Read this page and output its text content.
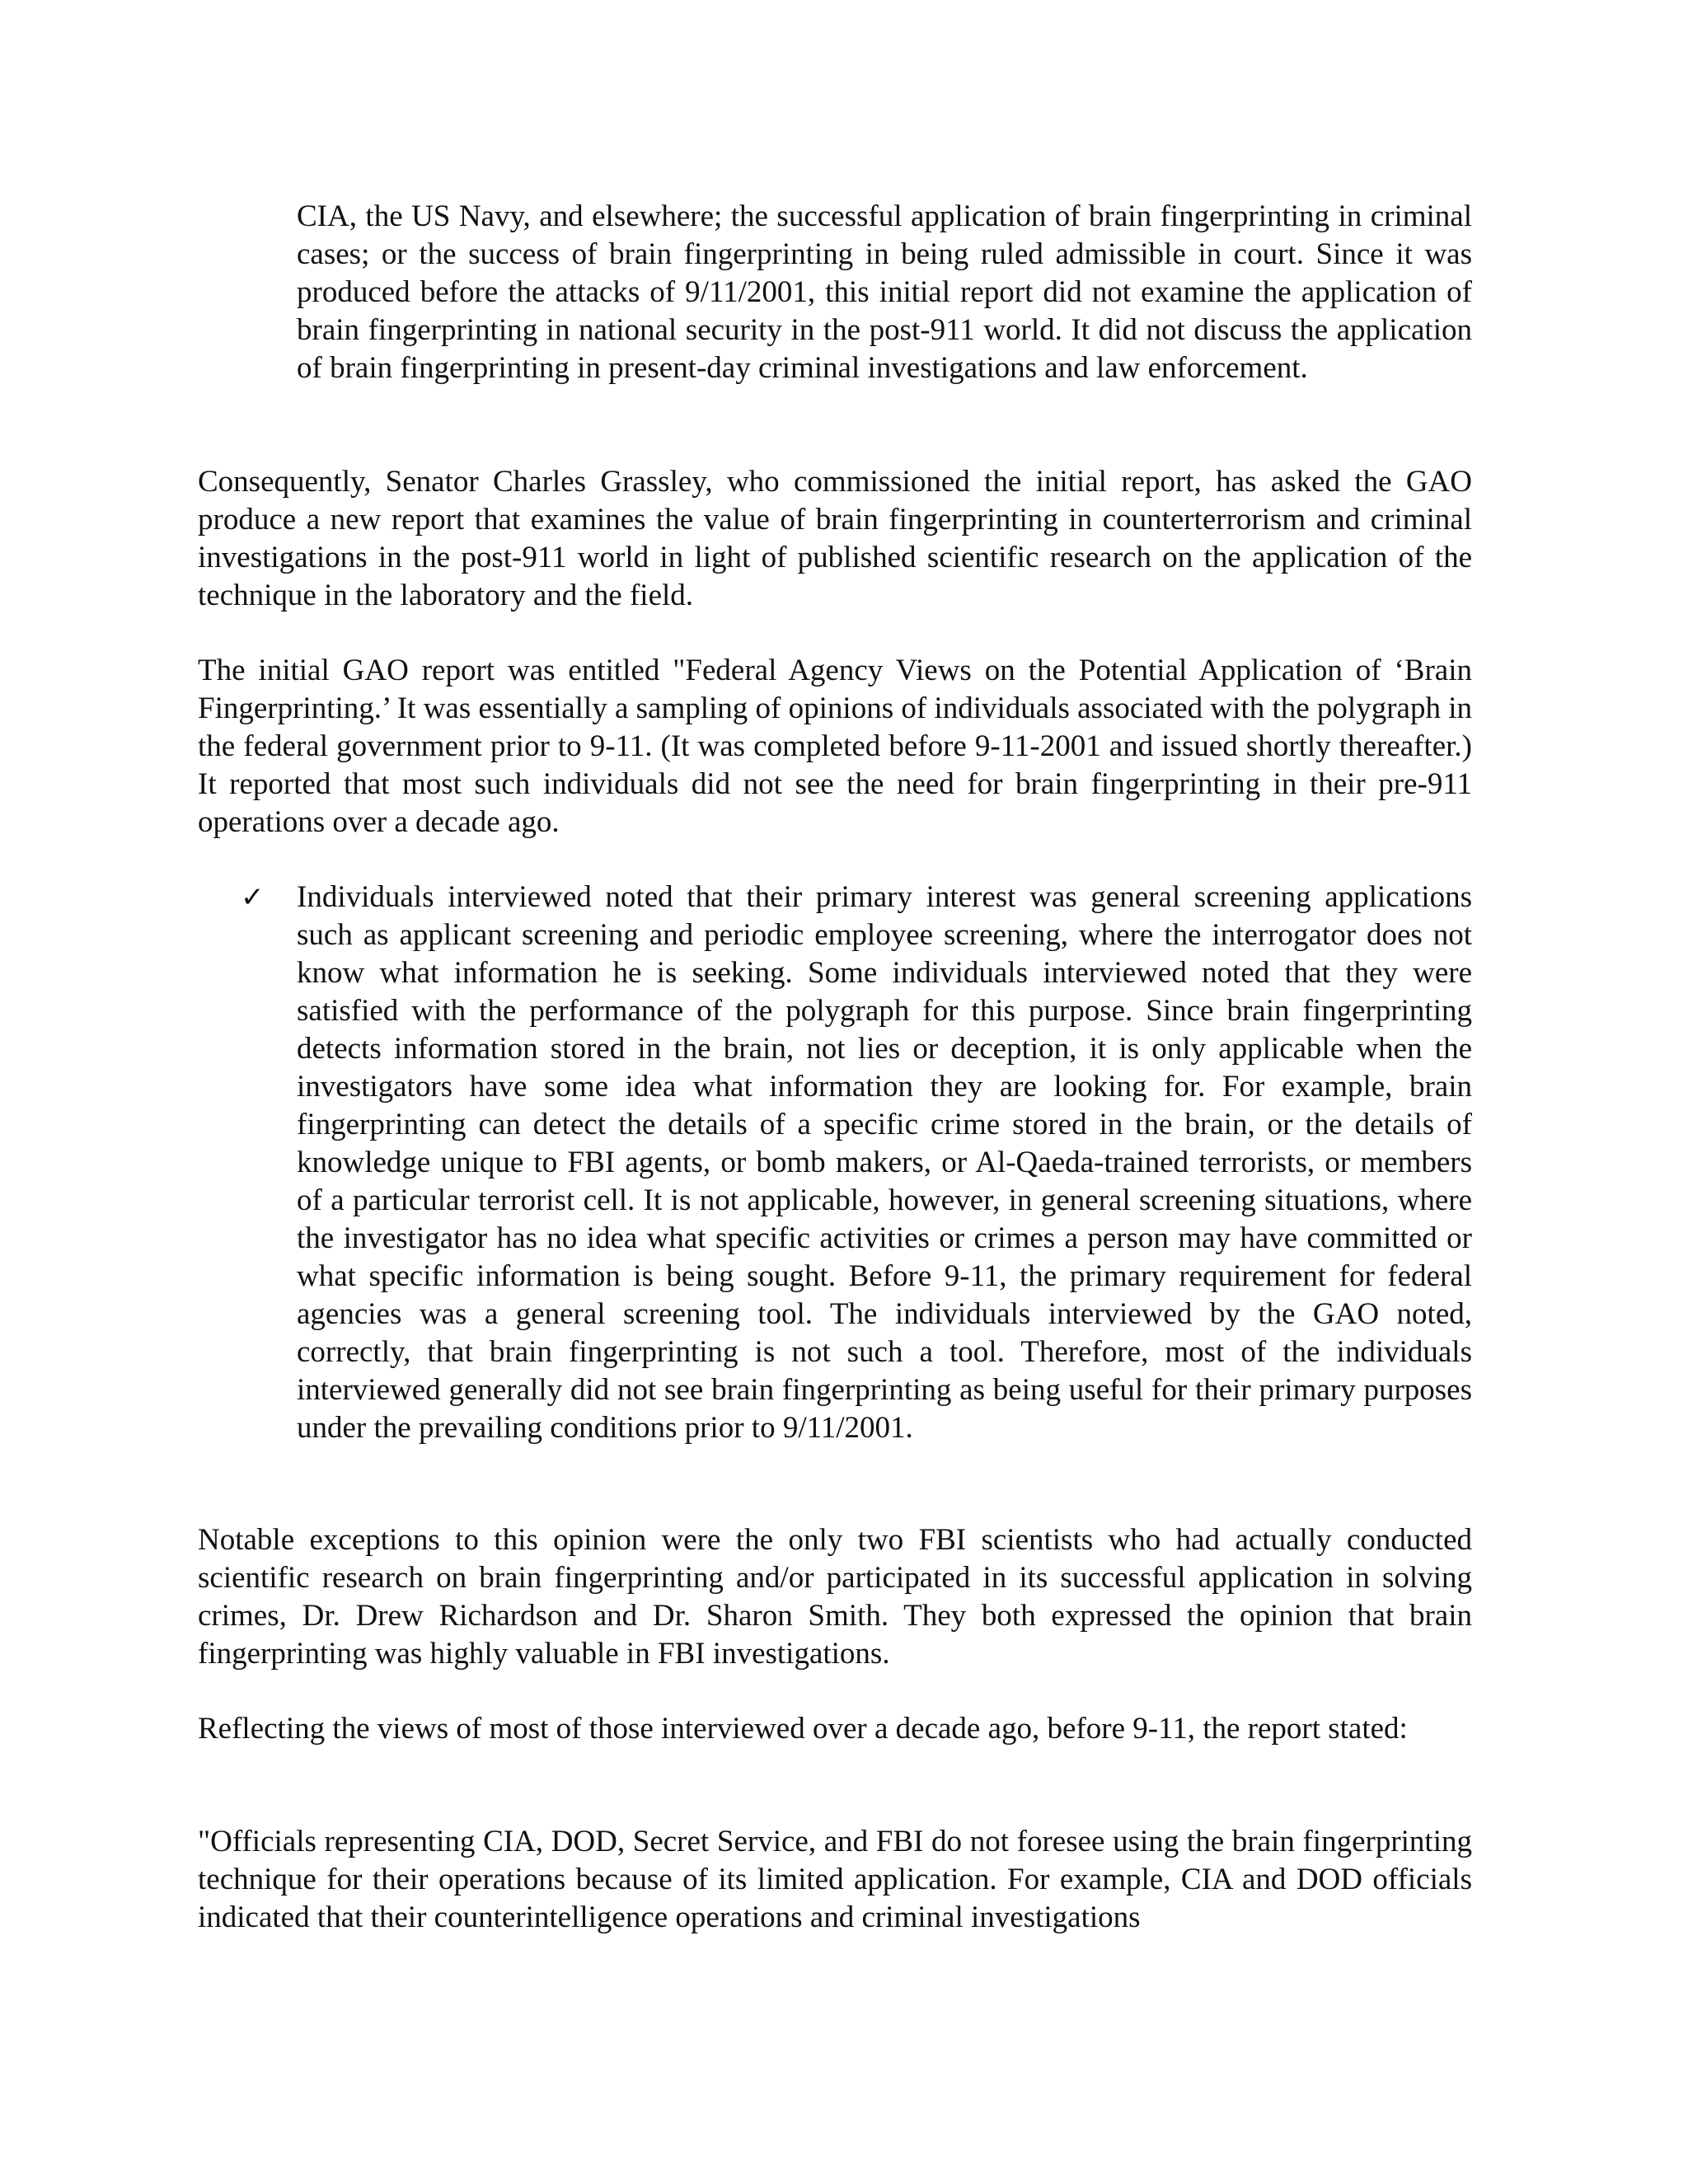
CIA, the US Navy, and elsewhere; the successful application of brain fingerprinting in criminal cases; or the success of brain fingerprinting in being ruled admissible in court. Since it was produced before the attacks of 9/11/2001, this initial report did not examine the application of brain fingerprinting in national security in the post-911 world. It did not discuss the application of brain fingerprinting in present-day criminal investigations and law enforcement.

Consequently, Senator Charles Grassley, who commissioned the initial report, has asked the GAO produce a new report that examines the value of brain fingerprinting in counterterrorism and criminal investigations in the post-911 world in light of published scientific research on the application of the technique in the laboratory and the field.

The initial GAO report was entitled "Federal Agency Views on the Potential Application of ‘Brain Fingerprinting.’ It was essentially a sampling of opinions of individuals associated with the polygraph in the federal government prior to 9-11. (It was completed before 9-11-2001 and issued shortly thereafter.) It reported that most such individuals did not see the need for brain fingerprinting in their pre-911 operations over a decade ago.

✓ Individuals interviewed noted that their primary interest was general screening applications such as applicant screening and periodic employee screening, where the interrogator does not know what information he is seeking. Some individuals interviewed noted that they were satisfied with the performance of the polygraph for this purpose. Since brain fingerprinting detects information stored in the brain, not lies or deception, it is only applicable when the investigators have some idea what information they are looking for. For example, brain fingerprinting can detect the details of a specific crime stored in the brain, or the details of knowledge unique to FBI agents, or bomb makers, or Al-Qaeda-trained terrorists, or members of a particular terrorist cell. It is not applicable, however, in general screening situations, where the investigator has no idea what specific activities or crimes a person may have committed or what specific information is being sought. Before 9-11, the primary requirement for federal agencies was a general screening tool. The individuals interviewed by the GAO noted, correctly, that brain fingerprinting is not such a tool. Therefore, most of the individuals interviewed generally did not see brain fingerprinting as being useful for their primary purposes under the prevailing conditions prior to 9/11/2001.

Notable exceptions to this opinion were the only two FBI scientists who had actually conducted scientific research on brain fingerprinting and/or participated in its successful application in solving crimes, Dr. Drew Richardson and Dr. Sharon Smith. They both expressed the opinion that brain fingerprinting was highly valuable in FBI investigations.

Reflecting the views of most of those interviewed over a decade ago, before 9-11, the report stated:

"Officials representing CIA, DOD, Secret Service, and FBI do not foresee using the brain fingerprinting technique for their operations because of its limited application. For example, CIA and DOD officials indicated that their counterintelligence operations and criminal investigations
